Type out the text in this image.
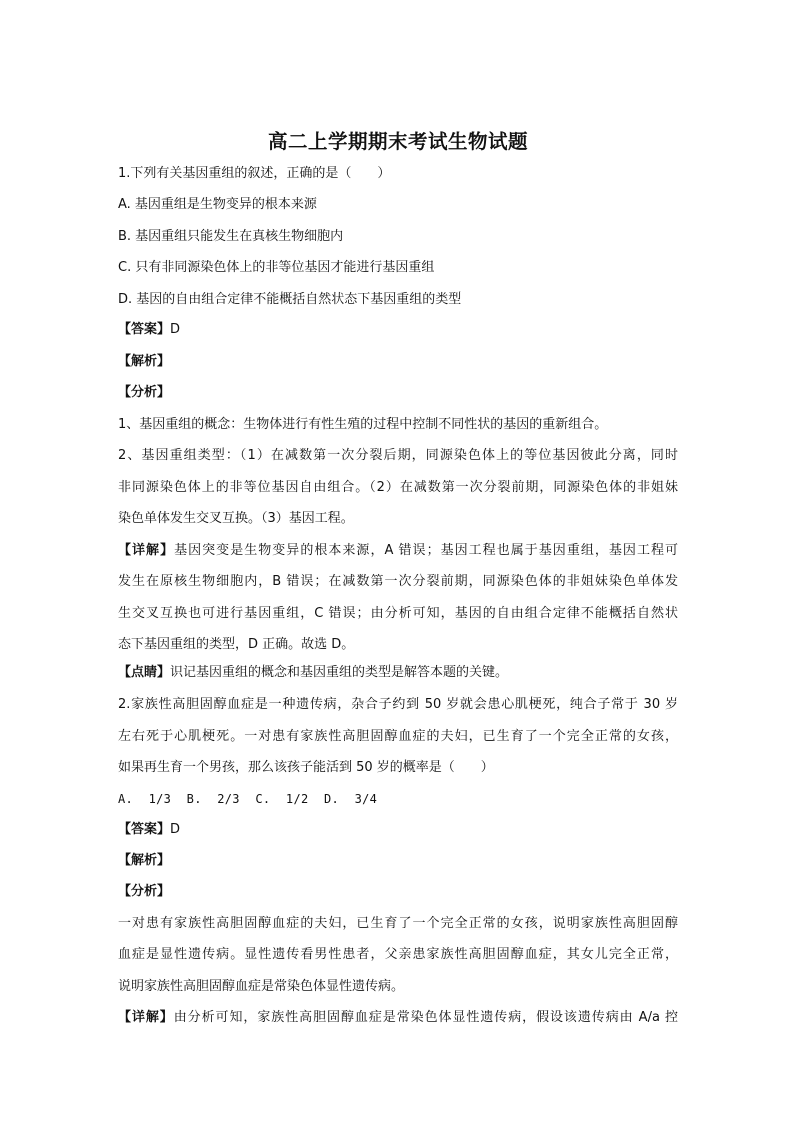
高二上学期期末考试生物试题
1.下列有关基因重组的叙述，正确的是（　　）
A. 基因重组是生物变异的根本来源
B. 基因重组只能发生在真核生物细胞内
C. 只有非同源染色体上的非等位基因才能进行基因重组
D. 基因的自由组合定律不能概括自然状态下基因重组的类型
【答案】D
【解析】
【分析】
1、基因重组的概念：生物体进行有性生殖的过程中控制不同性状的基因的重新组合。
2、基因重组类型：（1）在减数第一次分裂后期，同源染色体上的等位基因彼此分离，同时
非同源染色体上的非等位基因自由组合。（2）在减数第一次分裂前期，同源染色体的非姐妹
染色单体发生交叉互换。（3）基因工程。
【详解】基因突变是生物变异的根本来源，A 错误；基因工程也属于基因重组，基因工程可
发生在原核生物细胞内，B 错误；在减数第一次分裂前期，同源染色体的非姐妹染色单体发
生交叉互换也可进行基因重组，C 错误；由分析可知，基因的自由组合定律不能概括自然状
态下基因重组的类型，D 正确。故选 D。
【点睛】识记基因重组的概念和基因重组的类型是解答本题的关键。
2.家族性高胆固醇血症是一种遗传病，杂合子约到 50 岁就会患心肌梗死，纯合子常于 30 岁
左右死于心肌梗死。一对患有家族性高胆固醇血症的夫妇，已生育了一个完全正常的女孩，
如果再生育一个男孩，那么该孩子能活到 50 岁的概率是（　　）
A. 1/3 B. 2/3 C. 1/2 D. 3/4
【答案】D
【解析】
【分析】
一对患有家族性高胆固醇血症的夫妇，已生育了一个完全正常的女孩，说明家族性高胆固醇
血症是显性遗传病。显性遗传看男性患者，父亲患家族性高胆固醇血症，其女儿完全正常，
说明家族性高胆固醇血症是常染色体显性遗传病。
【详解】由分析可知，家族性高胆固醇血症是常染色体显性遗传病，假设该遗传病由 A/a 控
